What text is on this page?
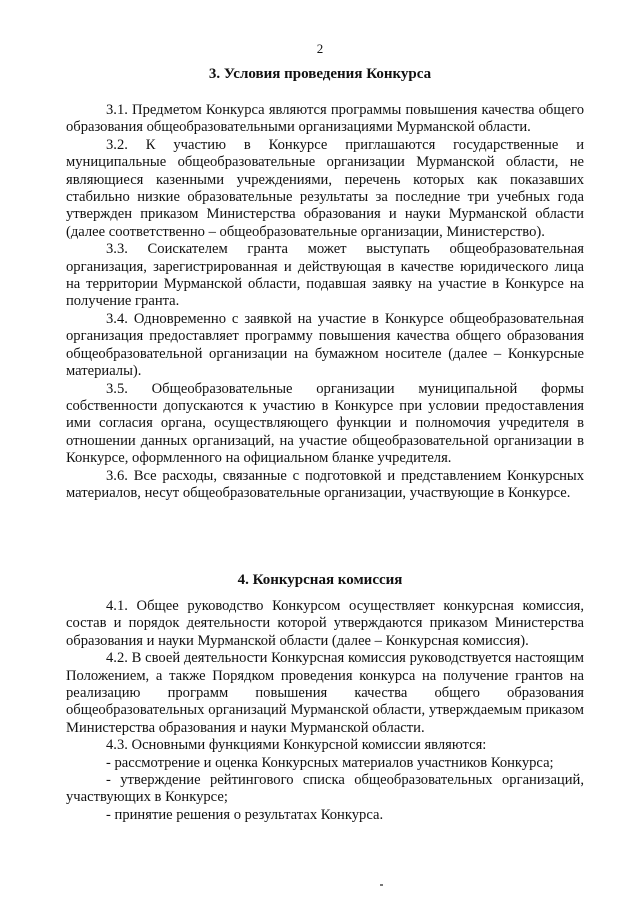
2
3. Условия проведения Конкурса

3.1. Предметом Конкурса являются программы повышения качества общего образования общеобразовательными организациями Мурманской области.

3.2. К участию в Конкурсе приглашаются государственные и муниципальные общеобразовательные организации Мурманской области, не являющиеся казенными учреждениями, перечень которых как показавших стабильно низкие образовательные результаты за последние три учебных года утвержден приказом Министерства образования и науки Мурманской области (далее соответственно – общеобразовательные организации, Министерство).

3.3. Соискателем гранта может выступать общеобразовательная организация, зарегистрированная и действующая в качестве юридического лица на территории Мурманской области, подавшая заявку на участие в Конкурсе на получение гранта.

3.4. Одновременно с заявкой на участие в Конкурсе общеобразовательная организация предоставляет программу повышения качества общего образования общеобразовательной организации на бумажном носителе (далее – Конкурсные материалы).

3.5. Общеобразовательные организации муниципальной формы собственности допускаются к участию в Конкурсе при условии предоставления ими согласия органа, осуществляющего функции и полномочия учредителя в отношении данных организаций, на участие общеобразовательной организации в Конкурсе, оформленного на официальном бланке учредителя.

3.6. Все расходы, связанные с подготовкой и представлением Конкурсных материалов, несут общеобразовательные организации, участвующие в Конкурсе.

4. Конкурсная комиссия

4.1. Общее руководство Конкурсом осуществляет конкурсная комиссия, состав и порядок деятельности которой утверждаются приказом Министерства образования и науки Мурманской области (далее – Конкурсная комиссия).

4.2. В своей деятельности Конкурсная комиссия руководствуется настоящим Положением, а также Порядком проведения конкурса на получение грантов на реализацию программ повышения качества общего образования общеобразовательных организаций Мурманской области, утверждаемым приказом Министерства образования и науки Мурманской области.

4.3. Основными функциями Конкурсной комиссии являются:

- рассмотрение и оценка Конкурсных материалов участников Конкурса;

- утверждение рейтингового списка общеобразовательных организаций, участвующих в Конкурсе;

- принятие решения о результатах Конкурса.
